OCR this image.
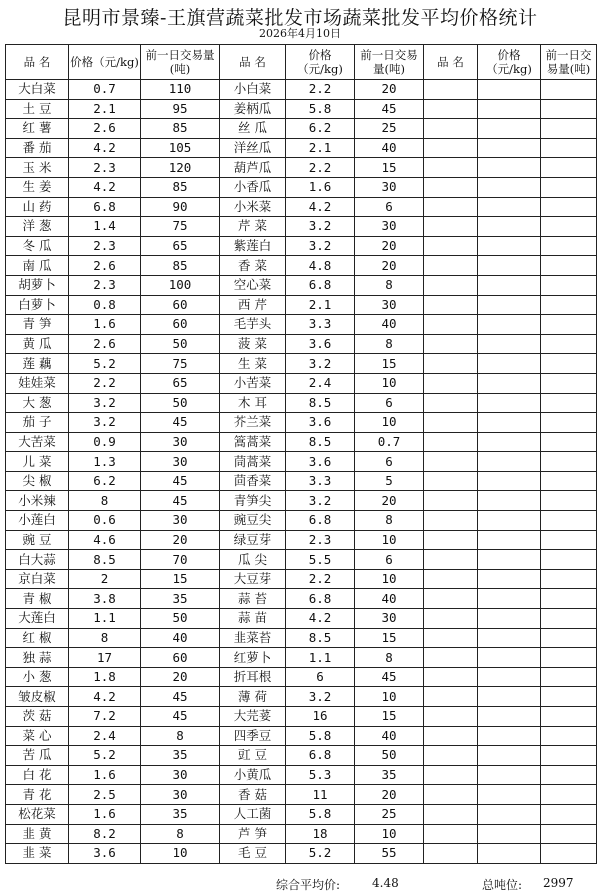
昆明市景臻-王旗营蔬菜批发市场蔬菜批发平均价格统计
2026年4月10日
品 名	价格（元/kg)	前一日交易量(吨)	品 名	价格（元/kg)	前一日交易量(吨)	品 名	价格（元/kg)	前一日交易量(吨)
大白菜	0.7	110	小白菜	2.2	20			
土 豆	2.1	95	姜柄瓜	5.8	45			
红 薯	2.6	85	丝 瓜	6.2	25			
番 茄	4.2	105	洋丝瓜	2.1	40			
玉 米	2.3	120	葫芦瓜	2.2	15			
生 姜	4.2	85	小香瓜	1.6	30			
山 药	6.8	90	小米菜	4.2	6			
洋 葱	1.4	75	芹 菜	3.2	30			
冬 瓜	2.3	65	紫莲白	3.2	20			
南 瓜	2.6	85	香 菜	4.8	20			
胡萝卜	2.3	100	空心菜	6.8	8			
白萝卜	0.8	60	西 芹	2.1	30			
青 笋	1.6	60	毛芋头	3.3	40			
黄 瓜	2.6	50	菠 菜	3.6	8			
莲 藕	5.2	75	生 菜	3.2	15			
娃娃菜	2.2	65	小苦菜	2.4	10			
大 葱	3.2	50	木 耳	8.5	6			
茄 子	3.2	45	芥兰菜	3.6	10			
大苦菜	0.9	30	篙蒿菜	8.5	0.7			
儿 菜	1.3	30	茼蒿菜	3.6	6			
尖 椒	6.2	45	茴香菜	3.3	5			
小米辣	8	45	青笋尖	3.2	20			
小莲白	0.6	30	豌豆尖	6.8	8			
豌 豆	4.6	20	绿豆芽	2.3	10			
白大蒜	8.5	70	瓜 尖	5.5	6			
京白菜	2	15	大豆芽	2.2	10			
青 椒	3.8	35	蒜 苔	6.8	40			
大莲白	1.1	50	蒜 苗	4.2	30			
红 椒	8	40	韭菜苔	8.5	15			
独 蒜	17	60	红萝卜	1.1	8			
小 葱	1.8	20	折耳根	6	45			
皱皮椒	4.2	45	薄 荷	3.2	10			
茨 菇	7.2	45	大芫荽	16	15			
菜 心	2.4	8	四季豆	5.8	40			
苦 瓜	5.2	35	豇 豆	6.8	50			
白 花	1.6	30	小黄瓜	5.3	35			
青 花	2.5	30	香 菇	11	20			
松花菜	1.6	35	人工菌	5.8	25			
韭 黄	8.2	8	芦 笋	18	10			
韭 菜	3.6	10	毛 豆	5.2	55			
综合平均价:	4.48	总吨位: 2997
